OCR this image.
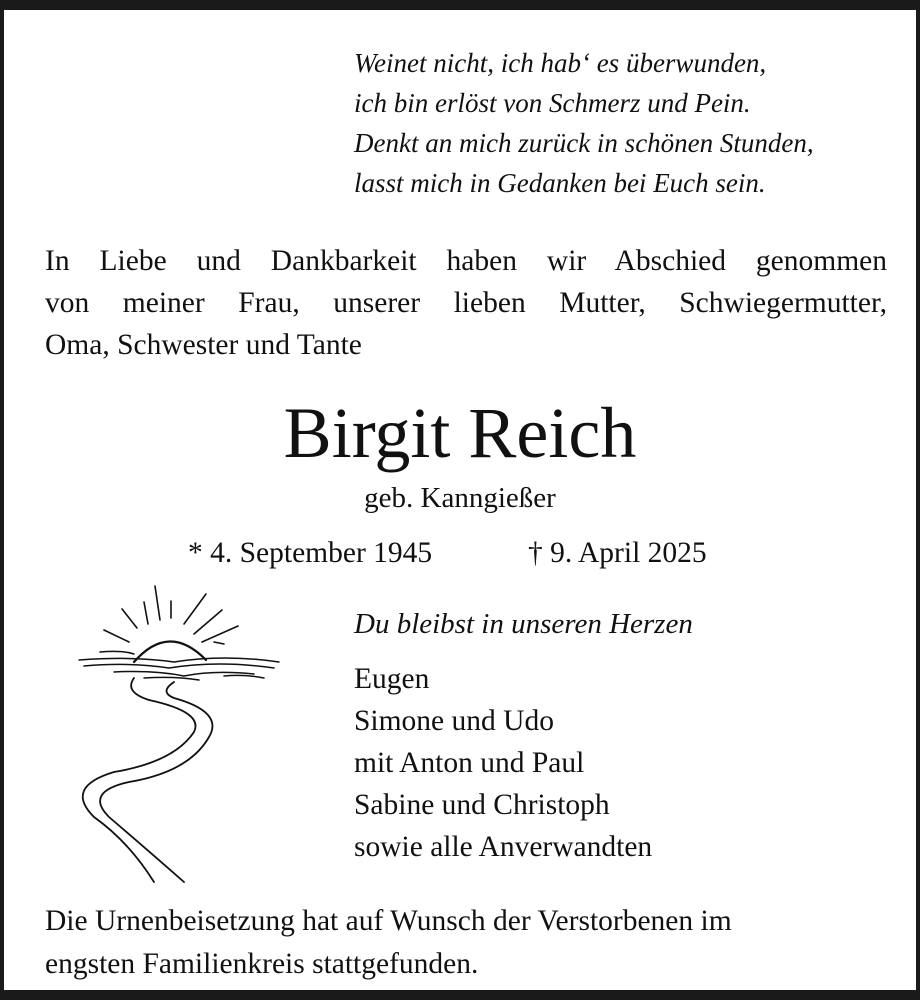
Weinet nicht, ich hab‘ es überwunden,
ich bin erlöst von Schmerz und Pein.
Denkt an mich zurück in schönen Stunden,
lasst mich in Gedanken bei Euch sein.
In Liebe und Dankbarkeit haben wir Abschied genommen
von meiner Frau, unserer lieben Mutter, Schwiegermutter,
Oma, Schwester und Tante
Birgit Reich
geb. Kanngießer
* 4. September 1945	† 9. April 2025
Du bleibst in unseren Herzen
Eugen
Simone und Udo
mit Anton und Paul
Sabine und Christoph
sowie alle Anverwandten
Die Urnenbeisetzung hat auf Wunsch der Verstorbenen im
engsten Familienkreis stattgefunden.
